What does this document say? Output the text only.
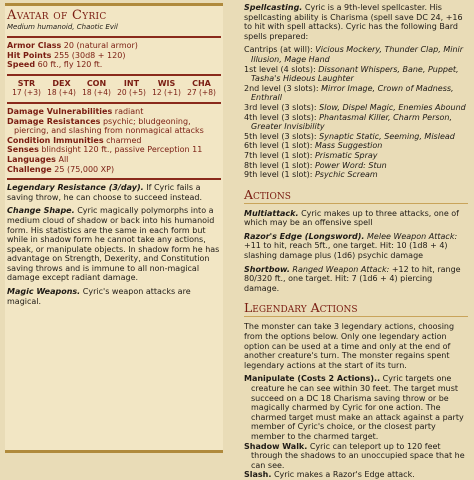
Avatar of Cyric
Medium humanoid, Chaotic Evil

Armor Class 20 (natural armor)

Hit Points 255 (30d8 + 120)

Speed 60 ft., fly 120 ft.

STR
17 (+3)
DEX
18 (+4)
CON
18 (+4)
INT
20 (+5)
WIS
12 (+1)
CHA
27 (+8)

Damage Vulnerabilities radiant

Damage Resistances psychic; bludgeoning, piercing, and slashing from nonmagical attacks

Condition Immunities charmed

Senses blindsight 120 ft., passive Perception 11

Languages All

Challenge 25 (75,000 XP)

Legendary Resistance (3/day). If Cyric fails a saving throw, he can choose to succeed instead.

Change Shape. Cyric magically polymorphs into a medium cloud of shadow or back into his humanoid form. His statistics are the same in each form but while in shadow form he cannot take any actions, speak, or manipulate objects. In shadow form he has advantage on Strength, Dexerity, and Constitution saving throws and is immune to all non-magical damage except radiant damage.

Magic Weapons. Cyric's weapon attacks are magical.

Spellcasting. Cyric is a 9th-level spellcaster. His spellcasting ability is Charisma (spell save DC 24, +16 to hit with spell attacks). Cyric has the following Bard spells prepared:

Cantrips (at will): Vicious Mockery, Thunder Clap, Minir Illusion, Mage Hand

1st level (4 slots): Dissonant Whispers, Bane, Puppet, Tasha's Hideous Laughter

2nd level (3 slots): Mirror Image, Crown of Madness, Enthrall

3rd level (3 slots): Slow, Dispel Magic, Enemies Abound

4th level (3 slots): Phantasmal Killer, Charm Person, Greater Invisibility

5th level (3 slots): Synaptic Static, Seeming, Mislead

6th level (1 slot): Mass Suggestion

7th level (1 slot): Prismatic Spray

8th level (1 slot): Power Word: Stun

9th level (1 slot): Psychic Scream

Actions

Multiattack. Cyric makes up to three attacks, one of which may be an offensive spell

Razor's Edge (Longsword). Melee Weapon Attack: +11 to hit, reach 5ft., one target. Hit: 10 (1d8 + 4) slashing damage plus (1d6) psychic damage

Shortbow. Ranged Weapon Attack: +12 to hit, range 80/320 ft., one target. Hit: 7 (1d6 + 4) piercing damage.

Legendary Actions

The monster can take 3 legendary actions, choosing from the options below. Only one legendary action option can be used at a time and only at the end of another creature's turn. The monster regains spent legendary actions at the start of its turn.

Manipulate (Costs 2 Actions).. Cyric targets one creature he can see within 30 feet. The target must succeed on a DC 18 Charisma saving throw or be magically charmed by Cyric for one action. The charmed target must make an attack against a party member of Cyric's choice, or the closest party member to the charmed target.

Shadow Walk. Cyric can teleport up to 120 feet through the shadows to an unoccupied space that he can see.

Slash. Cyric makes a Razor's Edge attack.
